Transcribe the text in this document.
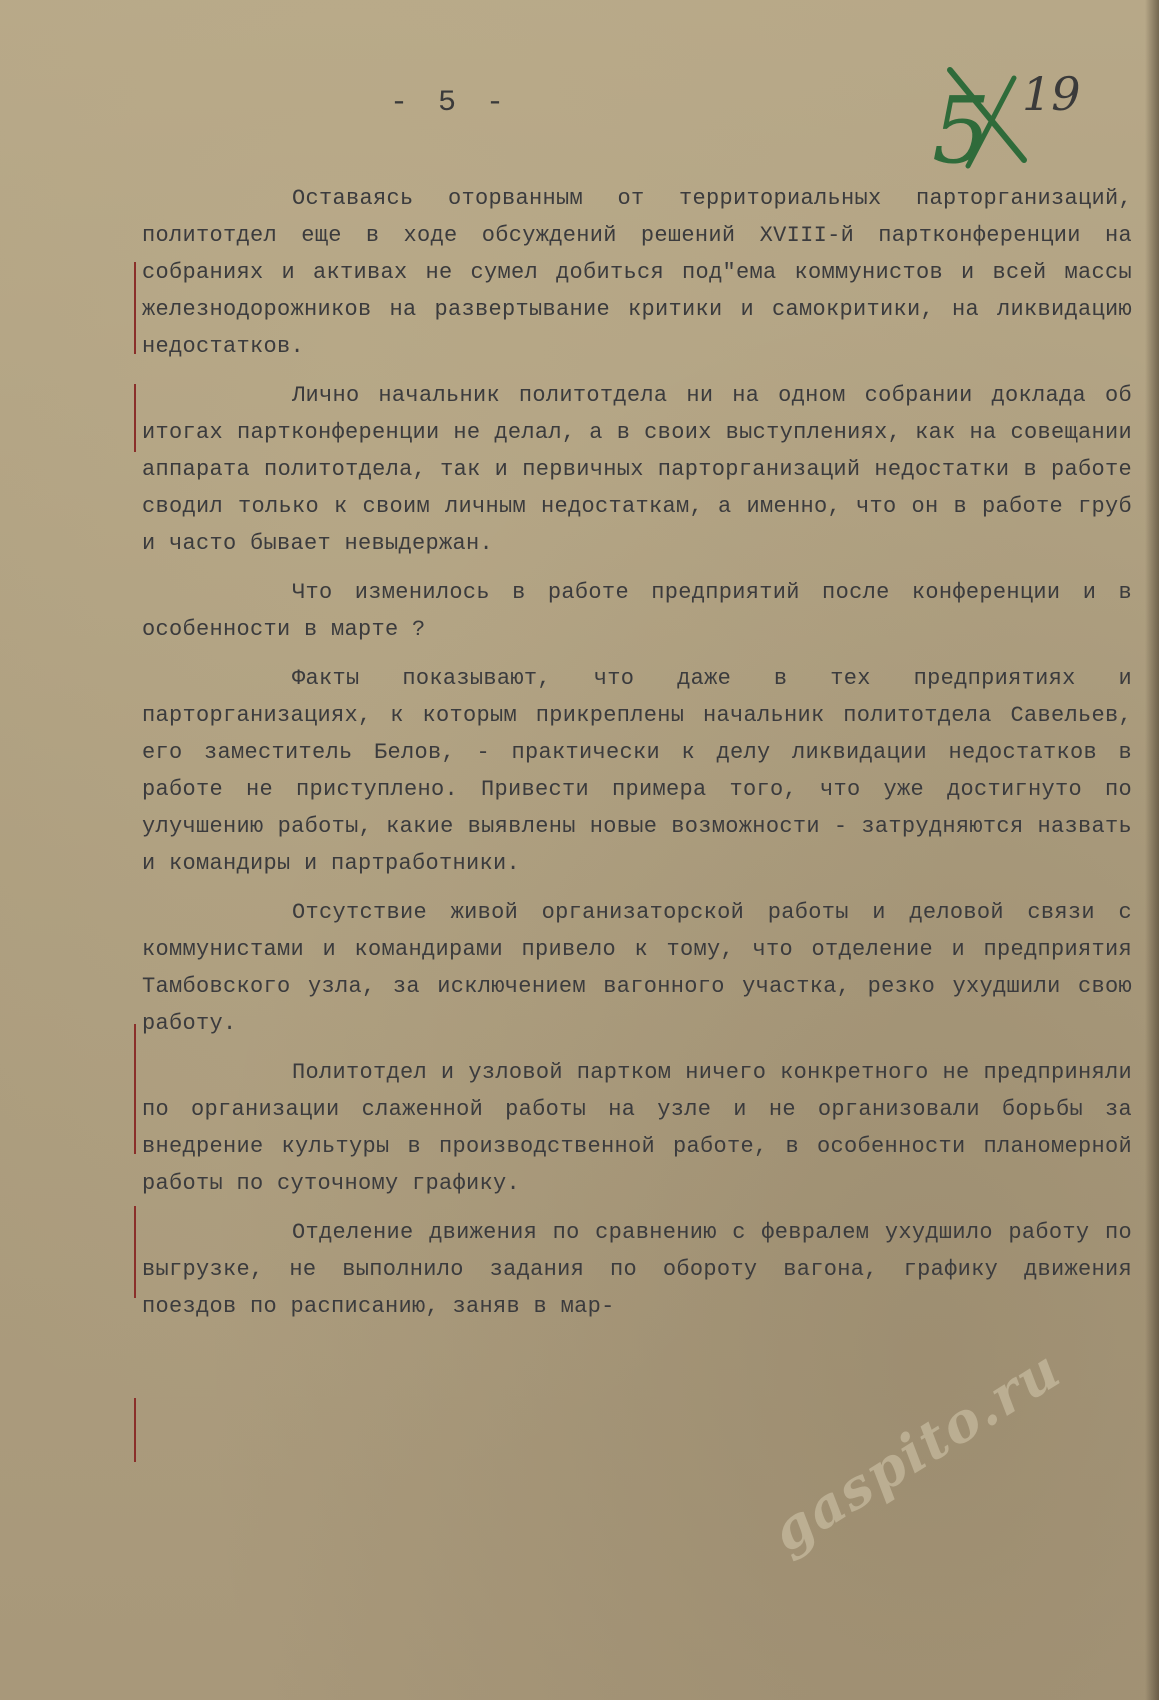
- 5 -	5 19

Оставаясь оторванным от территориальных парторганизаций, политотдел еще в ходе обсуждений решений XVIII-й партконференции на собраниях и активах не сумел добиться под"ема коммунистов и всей массы железнодорожников на развертывание критики и самокритики, на ликвидацию недостатков.

Лично начальник политотдела ни на одном собрании доклада об итогах партконференции не делал, а в своих выступлениях, как на совещании аппарата политотдела, так и первичных парторганизаций недостатки в работе сводил только к своим личным недостаткам, а именно, что он в работе груб и часто бывает невыдержан.

Что изменилось в работе предприятий после конференции и в особенности в марте ?

Факты показывают, что даже в тех предприятиях и парторганизациях, к которым прикреплены начальник политотдела Савельев, его заместитель Белов, - практически к делу ликвидации недостатков в работе не приступлено. Привести примера того, что уже достигнуто по улучшению работы, какие выявлены новые возможности - затрудняются назвать и командиры и партработники.

Отсутствие живой организаторской работы и деловой связи с коммунистами и командирами привело к тому, что отделение и предприятия Тамбовского узла, за исключением вагонного участка, резко ухудшили свою работу.

Политотдел и узловой партком ничего конкретного не предприняли по организации слаженной работы на узле и не организовали борьбы за внедрение культуры в производственной работе, в особенности планомерной работы по суточному графику.

Отделение движения по сравнению с февралем ухудшило работу по выгрузке, не выполнило задания по обороту вагона, графику движения поездов по расписанию, заняв в мар-

gaspito.ru
